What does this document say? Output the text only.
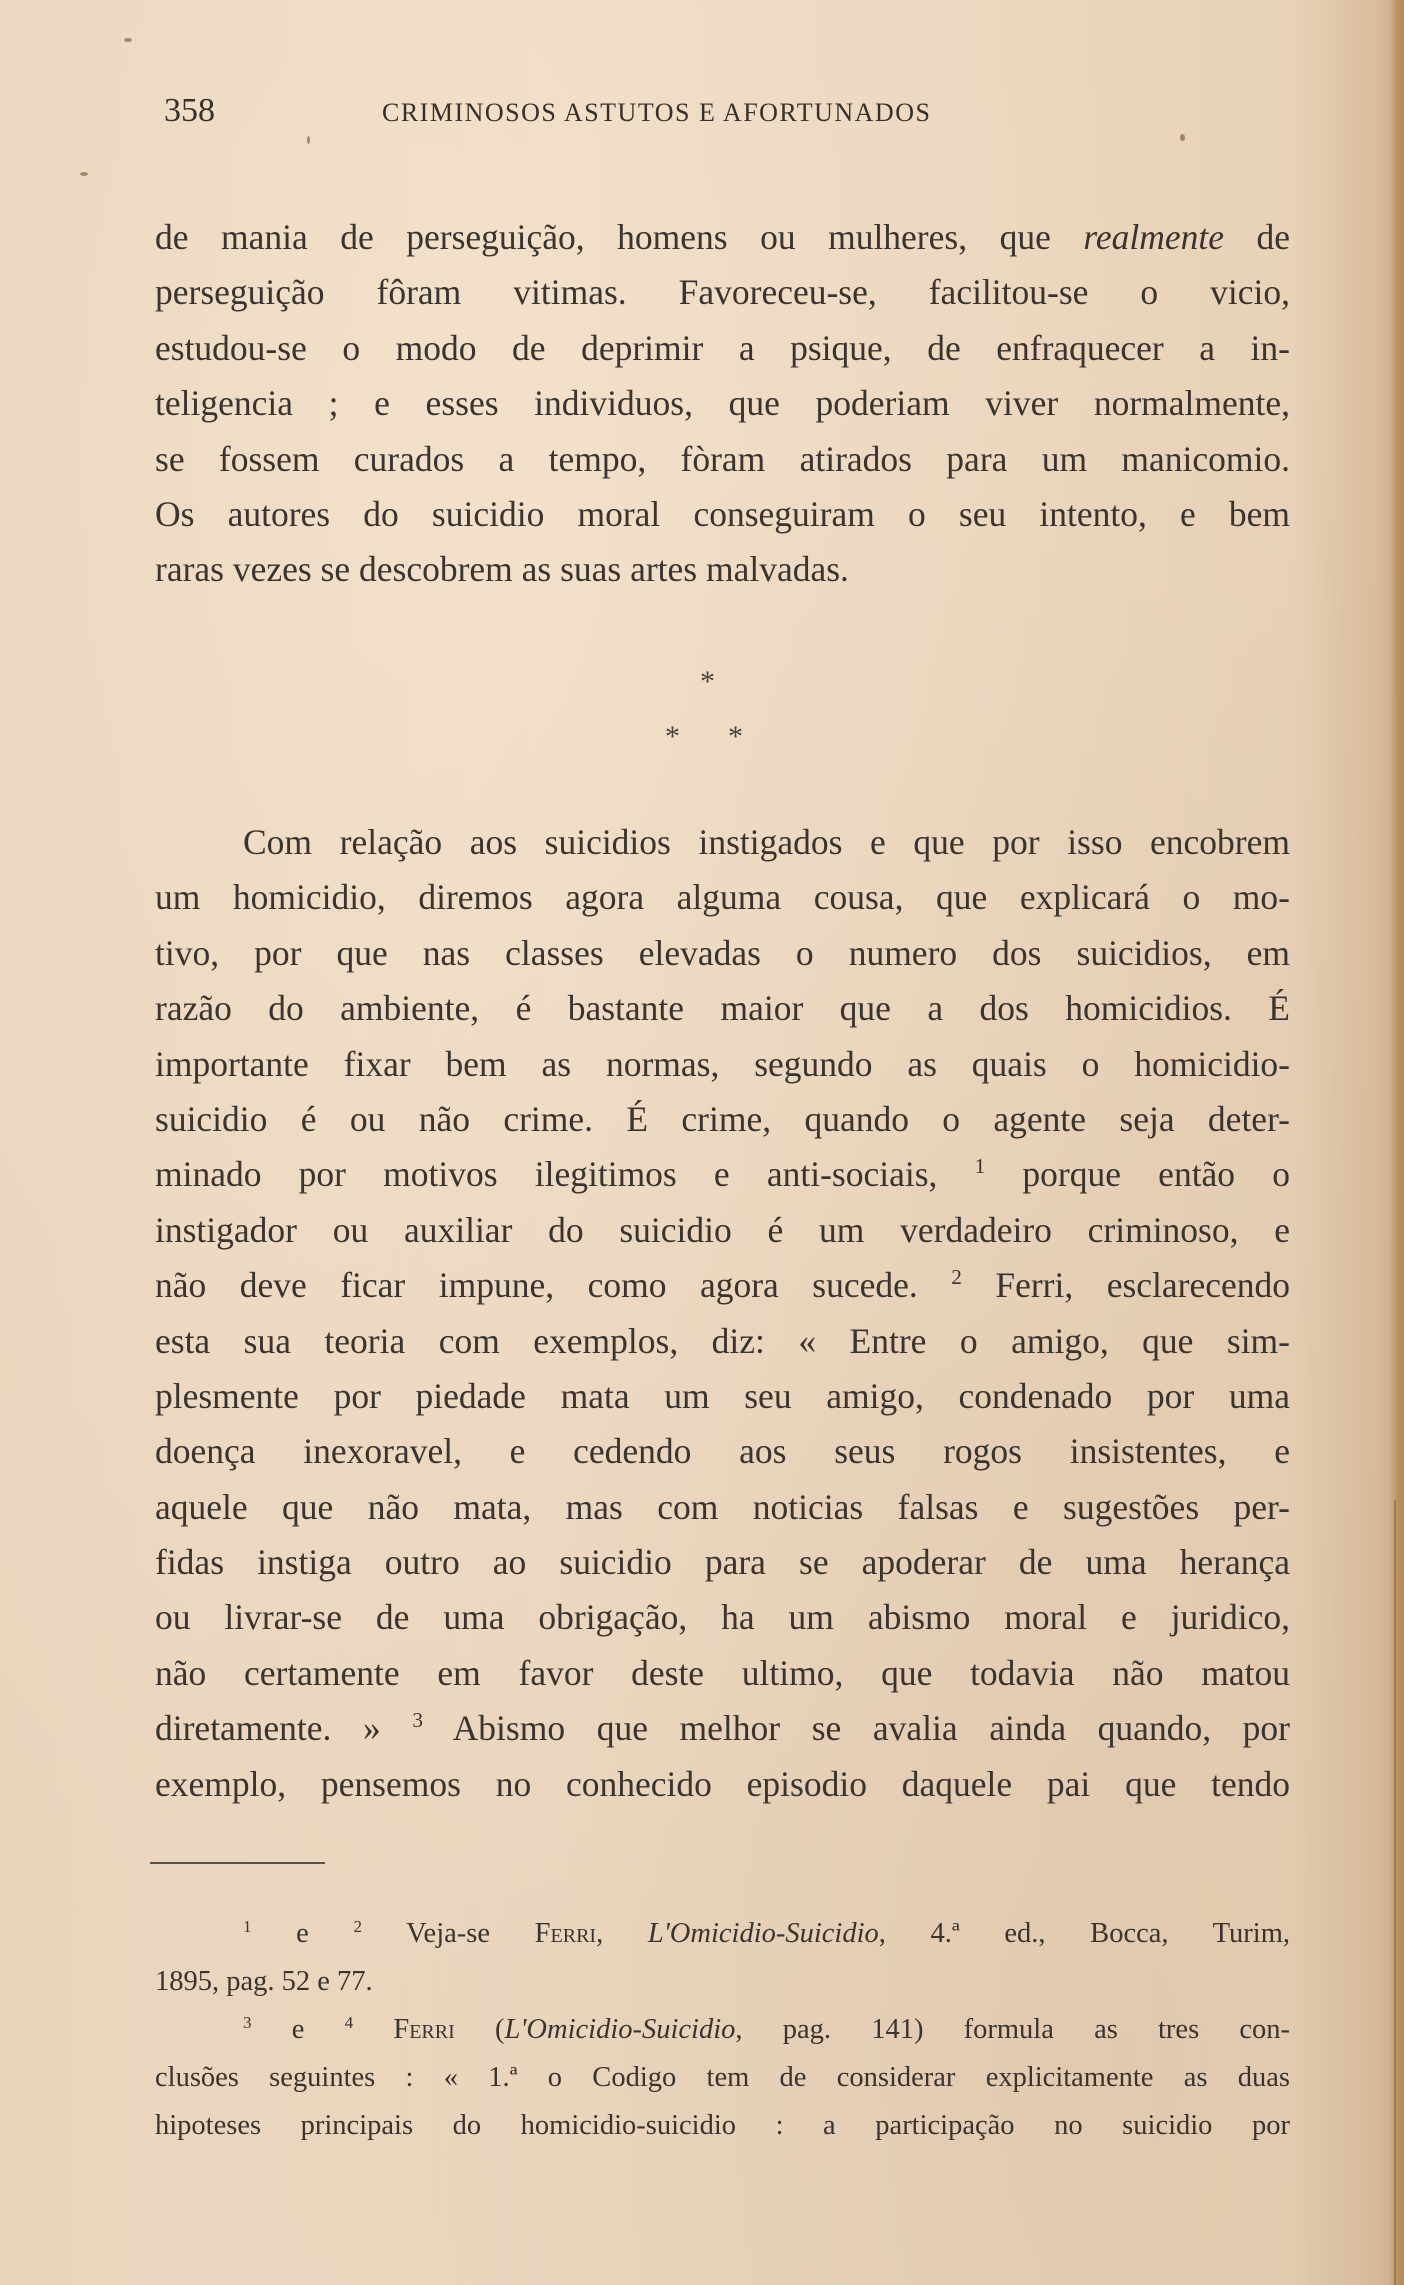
358	CRIMINOSOS ASTUTOS E AFORTUNADOS
de mania de perseguição, homens ou mulheres, que realmente de
perseguição fôram vitimas. Favoreceu-se, facilitou-se o vicio,
estudou-se o modo de deprimir a psique, de enfraquecer a in-
teligencia ; e esses individuos, que poderiam viver normalmente,
se fossem curados a tempo, fòram atirados para um manicomio.
Os autores do suicidio moral conseguiram o seu intento, e bem
raras vezes se descobrem as suas artes malvadas.
*
* *
Com relação aos suicidios instigados e que por isso encobrem
um homicidio, diremos agora alguma cousa, que explicará o mo-
tivo, por que nas classes elevadas o numero dos suicidios, em
razão do ambiente, é bastante maior que a dos homicidios. É
importante fixar bem as normas, segundo as quais o homicidio-
suicidio é ou não crime. É crime, quando o agente seja deter-
minado por motivos ilegitimos e anti-sociais, $^1$ porque então o
instigador ou auxiliar do suicidio é um verdadeiro criminoso, e
não deve ficar impune, como agora sucede. $^2$ Ferri, esclarecendo
esta sua teoria com exemplos, diz: « Entre o amigo, que sim-
plesmente por piedade mata um seu amigo, condenado por uma
doença inexoravel, e cedendo aos seus rogos insistentes, e
aquele que não mata, mas com noticias falsas e sugestões per-
fidas instiga outro ao suicidio para se apoderar de uma herança
ou livrar-se de uma obrigação, ha um abismo moral e juridico,
não certamente em favor deste ultimo, que todavia não matou
diretamente. » $^3$ Abismo que melhor se avalia ainda quando, por
exemplo, pensemos no conhecido episodio daquele pai que tendo
$^1$ e $^2$ Veja-se Ferri, L'Omicidio-Suicidio, 4.ª ed., Bocca, Turim,
1895, pag. 52 e 77.
$^3$ e $^4$ Ferri (L'Omicidio-Suicidio, pag. 141) formula as tres con-
clusões seguintes : « 1.ª o Codigo tem de considerar explicitamente as duas
hipoteses principais do homicidio-suicidio : a participação no suicidio por
